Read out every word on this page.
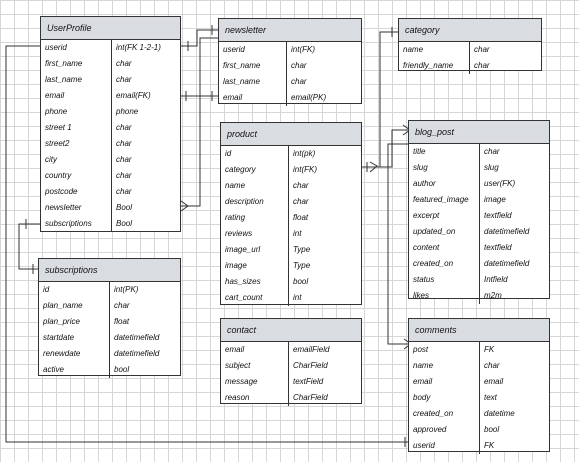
UserProfile
userid	int(FK 1-2-1)
first_name	char
last_name	char
email	email(FK)
phone	phone
street 1	char
street2	char
city	char
country	char
postcode	char
newsletter	Bool
subscriptions	Bool
newsletter
userid	int(FK)
first_name	char
last_name	char
email	email(PK)
category
name	char
friendly_name	char
product
id	int(pk)
category	int(FK)
name	char
description	char
rating	float
reviews	int
image_url	Type
image	Type
has_sizes	bool
cart_count	int
blog_post
title	char
slug	slug
author	user(FK)
featured_image	image
excerpt	textfield
updated_on	datetimefield
content	textfield
created_on	datetimefield
status	Intfield
likes	m2m
subscriptions
id	int(PK)
plan_name	char
plan_price	float
startdate	datetimefield
renewdate	datetimefield
active	bool
contact
email	emailField
subject	CharField
message	textField
reason	CharField
comments
post	FK
name	char
email	email
body	text
created_on	datetime
approved	bool
userid	FK
